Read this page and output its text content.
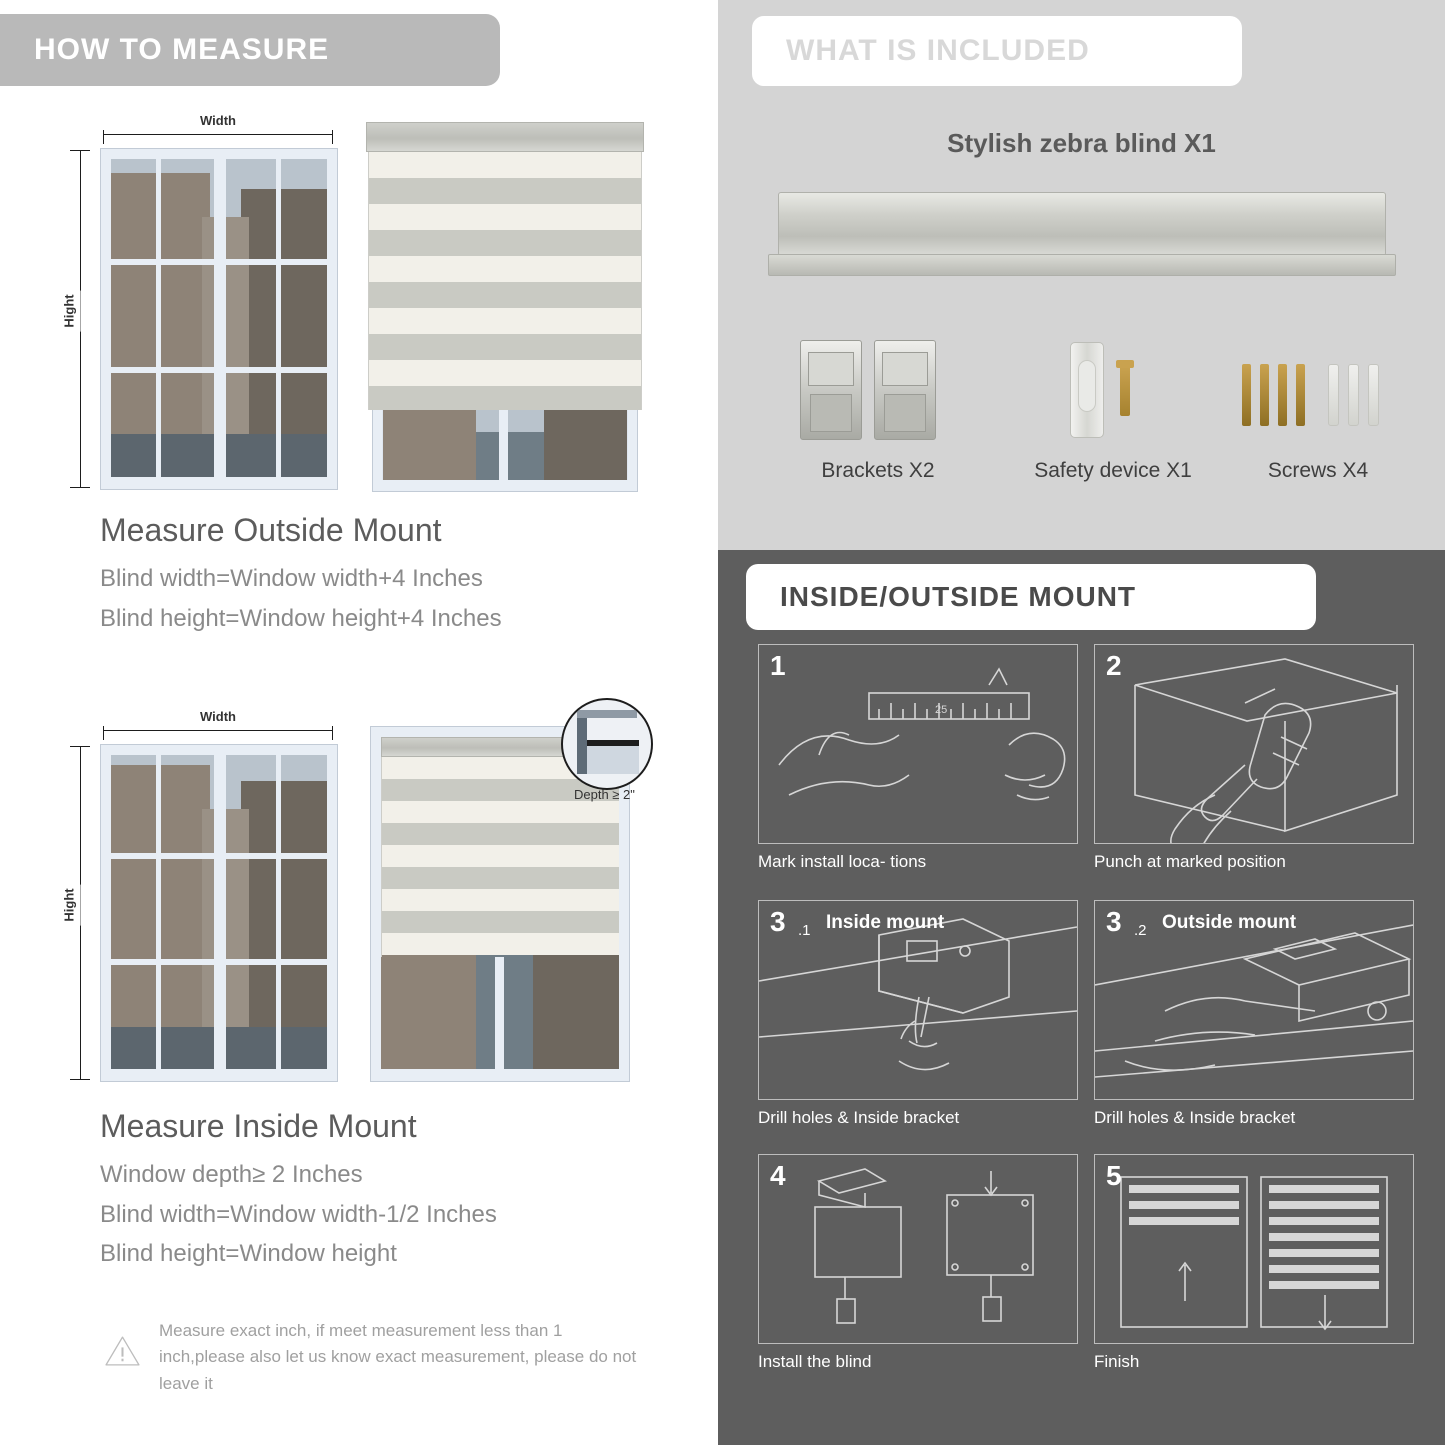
HOW TO MEASURE
Width
Hight
Measure Outside Mount
Blind width=Window width+4 Inches
Blind height=Window height+4 Inches
Width
Hight
Depth ≥ 2"
Measure Inside Mount
Window depth≥ 2 Inches
Blind width=Window width-1/2 Inches
Blind height=Window height
Measure exact inch, if meet measurement less than 1 inch,please also let us know exact measurement, please do not leave it
WHAT IS INCLUDED
Stylish zebra blind X1
Brackets X2	Safety device X1	Screws X4
INSIDE/OUTSIDE MOUNT
25
1
Mark install loca- tions
2
Punch at marked position
3 .1 Inside mount
Drill holes & Inside bracket
3 .2 Outside mount
Drill holes & Inside bracket
4
Install the blind
5
Finish
